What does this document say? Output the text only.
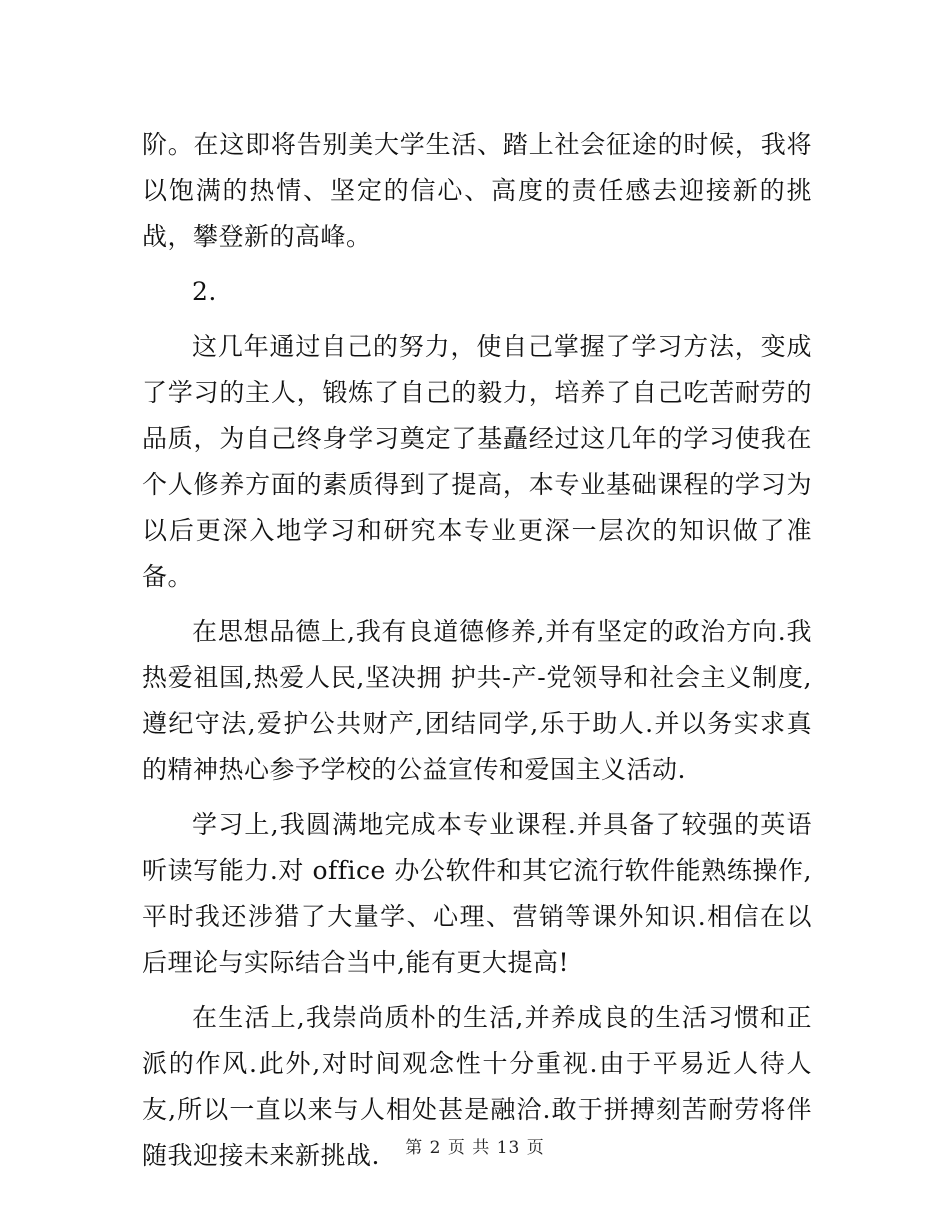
阶。在这即将告别美大学生活、踏上社会征途的时候，我将以饱满的热情、坚定的信心、高度的责任感去迎接新的挑战，攀登新的高峰。

2.

这几年通过自己的努力，使自己掌握了学习方法，变成了学习的主人，锻炼了自己的毅力，培养了自己吃苦耐劳的品质，为自己终身学习奠定了基矗经过这几年的学习使我在个人修养方面的素质得到了提高，本专业基础课程的学习为以后更深入地学习和研究本专业更深一层次的知识做了准备。

在思想品德上,我有良道德修养,并有坚定的政治方向.我热爱祖国,热爱人民,坚决拥 护共-产-党领导和社会主义制度,遵纪守法,爱护公共财产,团结同学,乐于助人.并以务实求真的精神热心参予学校的公益宣传和爱国主义活动.

学习上,我圆满地完成本专业课程.并具备了较强的英语听读写能力.对 office 办公软件和其它流行软件能熟练操作,平时我还涉猎了大量学、心理、营销等课外知识.相信在以后理论与实际结合当中,能有更大提高!

在生活上,我崇尚质朴的生活,并养成良的生活习惯和正派的作风.此外,对时间观念性十分重视.由于平易近人待人友,所以一直以来与人相处甚是融洽.敢于拼搏刻苦耐劳将伴随我迎接未来新挑战.	第 2 页 共 13 页
